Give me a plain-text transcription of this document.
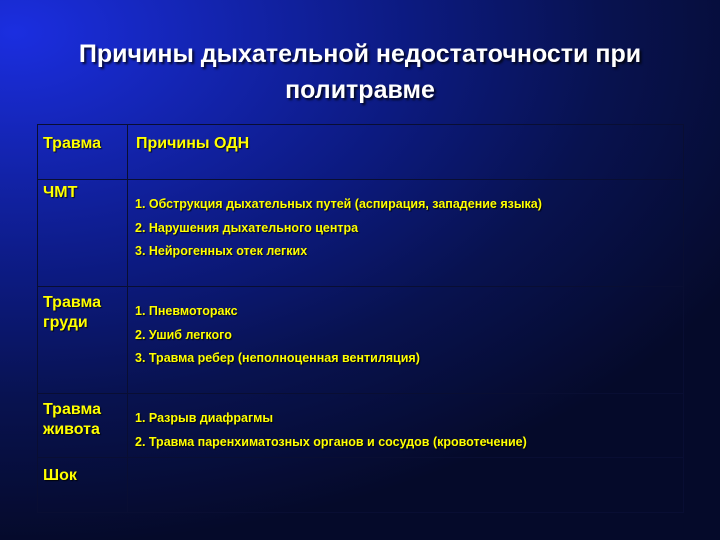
Причины дыхательной недостаточности при
политравме
Травма	Причины ОДН
ЧМТ
1. Обструкция дыхательных путей (аспирация, западение языка)
2. Нарушения дыхательного центра
3. Нейрогенных отек легких
Травма
груди
1. Пневмоторакс
2. Ушиб легкого
3. Травма ребер (неполноценная вентиляция)
Травма
живота
1. Разрыв диафрагмы
2. Травма паренхиматозных органов и сосудов (кровотечение)
Шок
